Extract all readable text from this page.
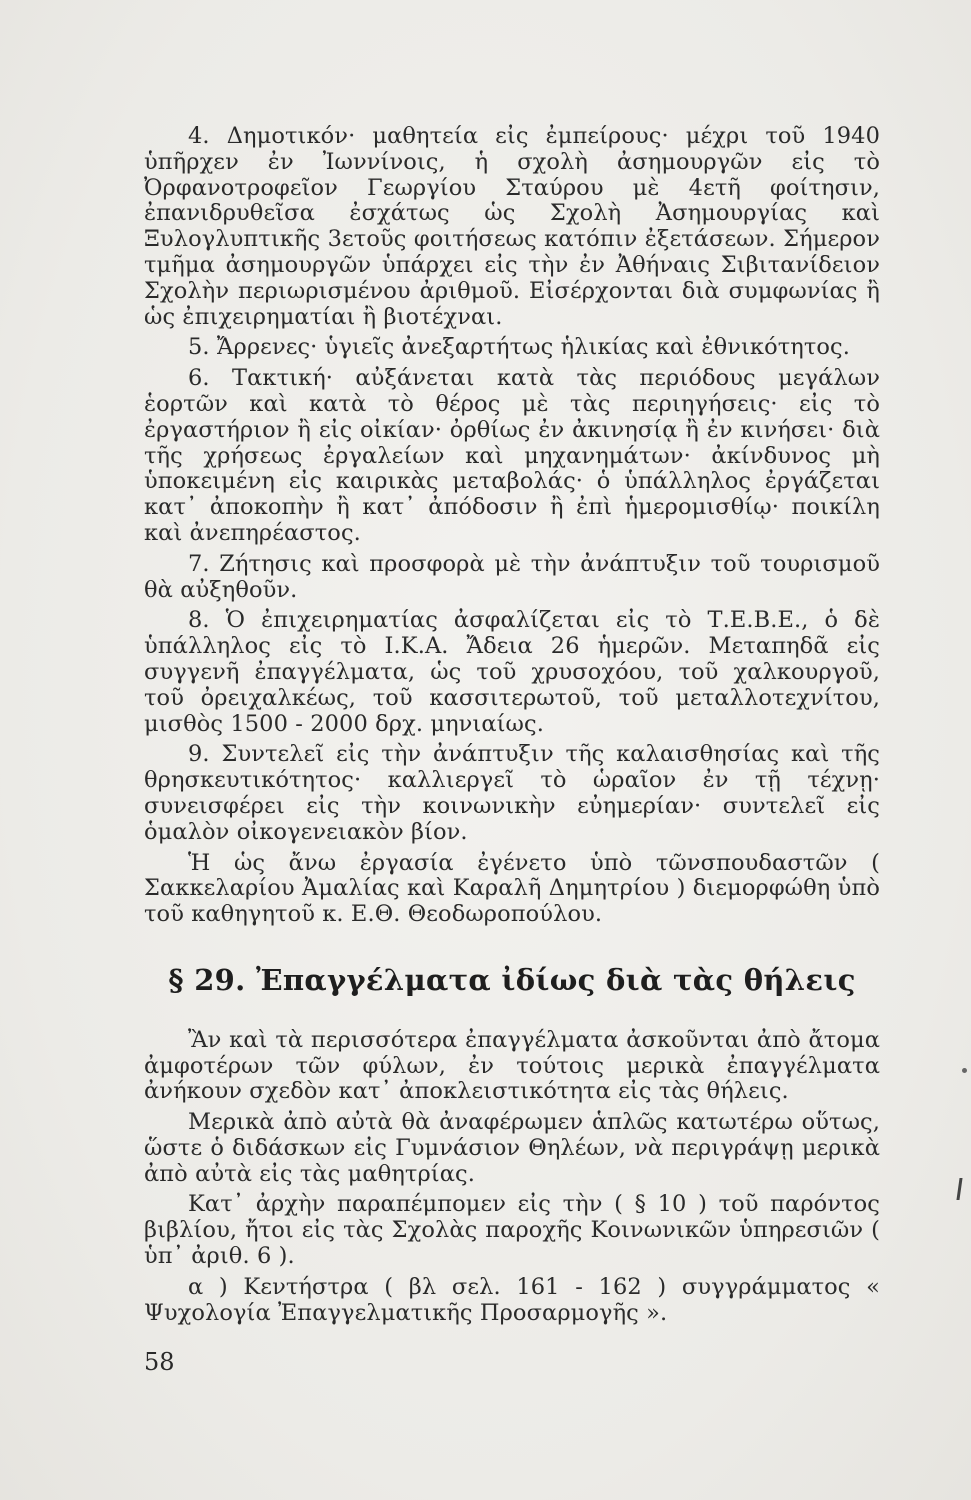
4. Δημοτικόν· μαθητεία εἰς ἐμπείρους· μέχρι τοῦ 1940 ὑπῆρχεν ἐν Ἰωννίνοις, ἡ σχολὴ ἀσημουργῶν εἰς τὸ Ὀρφανοτροφεῖον Γεωργίου Σταύρου μὲ 4ετῆ φοίτησιν, ἐπανιδρυθεῖσα ἐσχάτως ὡς Σχολὴ Ἀσημουργίας καὶ Ξυλογλυπτικῆς 3ετοῦς φοιτήσεως κατόπιν ἐξετάσεων. Σήμερον τμῆμα ἀσημουργῶν ὑπάρχει εἰς τὴν ἐν Ἀθήναις Σιβιτανίδειον Σχολὴν περιωρισμένου ἀριθμοῦ. Εἰσέρχονται διὰ συμφωνίας ἢ ὡς ἐπιχειρηματίαι ἢ βιοτέχναι.

5. Ἄρρενες· ὑγιεῖς ἀνεξαρτήτως ἡλικίας καὶ ἐθνικότητος.

6. Τακτική· αὐξάνεται κατὰ τὰς περιόδους μεγάλων ἑορτῶν καὶ κατὰ τὸ θέρος μὲ τὰς περιηγήσεις· εἰς τὸ ἐργαστήριον ἢ εἰς οἰκίαν· ὀρθίως ἐν ἀκινησίᾳ ἢ ἐν κινήσει· διὰ τῆς χρήσεως ἐργαλείων καὶ μηχανημάτων· ἀκίνδυνος μὴ ὑποκειμένη εἰς καιρικὰς μεταβολάς· ὁ ὑπάλληλος ἐργάζεται κατ᾽ ἀποκοπὴν ἢ κατ᾽ ἀπόδοσιν ἢ ἐπὶ ἡμερομισθίῳ· ποικίλη καὶ ἀνεπηρέαστος.

7. Ζήτησις καὶ προσφορὰ μὲ τὴν ἀνάπτυξιν τοῦ τουρισμοῦ θὰ αὐξηθοῦν.

8. Ὁ ἐπιχειρηματίας ἀσφαλίζεται εἰς τὸ Τ.Ε.Β.Ε., ὁ δὲ ὑπάλληλος εἰς τὸ Ι.Κ.Α. Ἄδεια 26 ἡμερῶν. Μεταπηδᾶ εἰς συγγενῆ ἐπαγγέλματα, ὡς τοῦ χρυσοχόου, τοῦ χαλκουργοῦ, τοῦ ὀρειχαλκέως, τοῦ κασσιτερωτοῦ, τοῦ μεταλλοτεχνίτου, μισθὸς 1500 - 2000 δρχ. μηνιαίως.

9. Συντελεῖ εἰς τὴν ἀνάπτυξιν τῆς καλαισθησίας καὶ τῆς θρησκευτικότητος· καλλιεργεῖ τὸ ὡραῖον ἐν τῇ τέχνῃ· συνεισφέρει εἰς τὴν κοινωνικὴν εὐημερίαν· συντελεῖ εἰς ὁμαλὸν οἰκογενειακὸν βίον.

Ἡ ὡς ἄνω ἐργασία ἐγένετο ὑπὸ τῶνσπουδαστῶν ( Σακκελαρίου Ἀμαλίας καὶ Καραλῆ Δημητρίου ) διεμορφώθη ὑπὸ τοῦ καθηγητοῦ κ. Ε.Θ. Θεοδωροπούλου.

§ 29. Ἐπαγγέλματα ἰδίως διὰ τὰς θήλεις

Ἂν καὶ τὰ περισσότερα ἐπαγγέλματα ἀσκοῦνται ἀπὸ ἄτομα ἀμφοτέρων τῶν φύλων, ἐν τούτοις μερικὰ ἐπαγγέλματα ἀνήκουν σχεδὸν κατ᾽ ἀποκλειστικότητα εἰς τὰς θήλεις.

Μερικὰ ἀπὸ αὐτὰ θὰ ἀναφέρωμεν ἁπλῶς κατωτέρω οὕτως, ὥστε ὁ διδάσκων εἰς Γυμνάσιον Θηλέων, νὰ περιγράψῃ μερικὰ ἀπὸ αὐτὰ εἰς τὰς μαθητρίας.

Κατ᾽ ἀρχὴν παραπέμπομεν εἰς τὴν ( § 10 ) τοῦ παρόντος βιβλίου, ἤτοι εἰς τὰς Σχολὰς παροχῆς Κοινωνικῶν ὑπηρεσιῶν ( ὑπ᾽ ἀριθ. 6 ).

α ) Κεντήστρα ( βλ σελ. 161 - 162 ) συγγράμματος « Ψυχολογία Ἐπαγγελματικῆς Προσαρμογῆς ».

58
